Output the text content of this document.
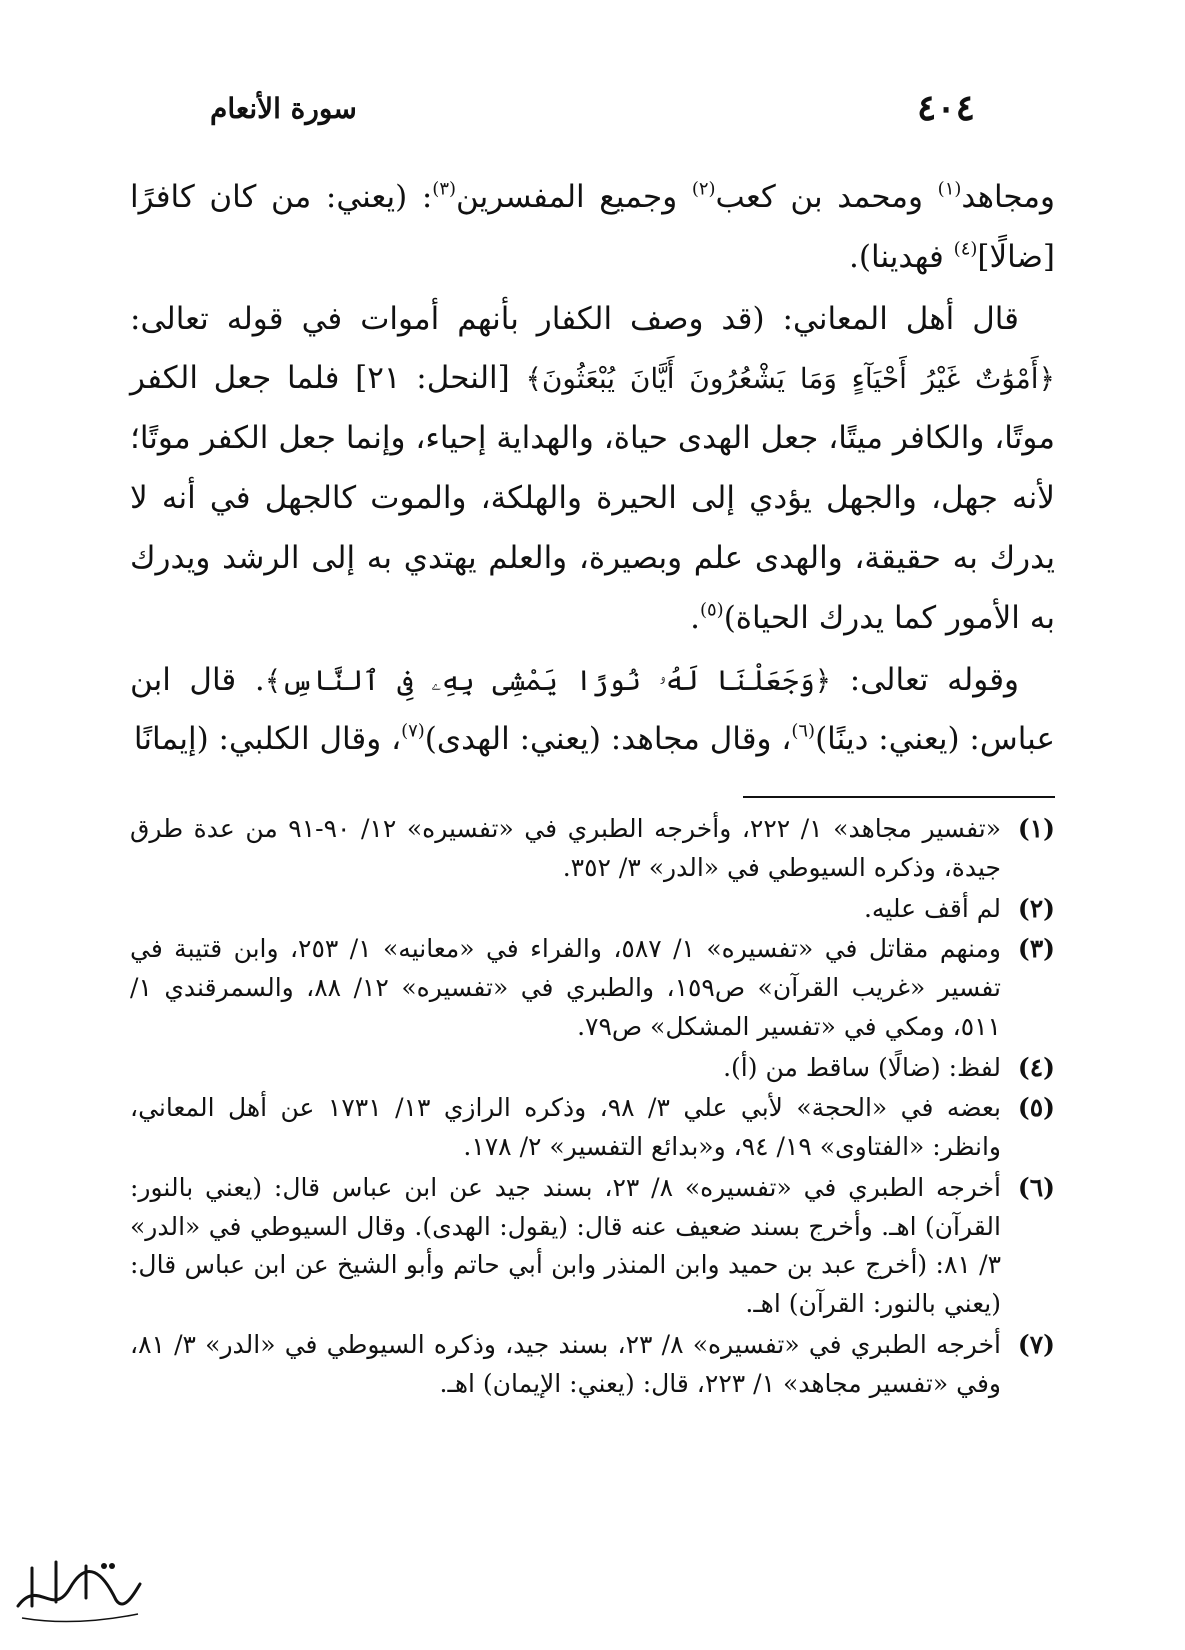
٤٠٤
سورة الأنعام

ومجاهد$^{(١)}$ ومحمد بن كعب$^{(٢)}$ وجميع المفسرين$^{(٣)}$: (يعني: من كان كافرًا [ضالًا]$^{(٤)}$ فهدينا).

قال أهل المعاني: (قد وصف الكفار بأنهم أموات في قوله تعالى: ﴿أَمْوَٰتٌ غَيْرُ أَحْيَآءٍ وَمَا يَشْعُرُونَ أَيَّانَ يُبْعَثُونَ﴾ [النحل: ٢١] فلما جعل الكفر موتًا، والكافر ميتًا، جعل الهدى حياة، والهداية إحياء، وإنما جعل الكفر موتًا؛ لأنه جهل، والجهل يؤدي إلى الحيرة والهلكة، والموت كالجهل في أنه لا يدرك به حقيقة، والهدى علم وبصيرة، والعلم يهتدي به إلى الرشد ويدرك به الأمور كما يدرك الحياة)$^{(٥)}$.

وقوله تعالى: ﴿وَجَعَلْنَا لَهُۥ نُورًا يَمْشِى بِهِۦ فِى ٱلنَّاسِ﴾. قال ابن عباس: (يعني: دينًا)$^{(٦)}$، وقال مجاهد: (يعني: الهدى)$^{(٧)}$، وقال الكلبي: (إيمانًا

(١)
«تفسير مجاهد» ١/ ٢٢٢، وأخرجه الطبري في «تفسيره» ١٢/ ٩٠-٩١ من عدة طرق جيدة، وذكره السيوطي في «الدر» ٣/ ٣٥٢.
(٢)
لم أقف عليه.
(٣)
ومنهم مقاتل في «تفسيره» ١/ ٥٨٧، والفراء في «معانيه» ١/ ٢٥٣، وابن قتيبة في تفسير «غريب القرآن» ص١٥٩، والطبري في «تفسيره» ١٢/ ٨٨، والسمرقندي ١/ ٥١١، ومكي في «تفسير المشكل» ص٧٩.
(٤)
لفظ: (ضالًا) ساقط من (أ).
(٥)
بعضه في «الحجة» لأبي علي ٣/ ٩٨، وذكره الرازي ١٣/ ١٧٣١ عن أهل المعاني، وانظر: «الفتاوى» ١٩/ ٩٤، و«بدائع التفسير» ٢/ ١٧٨.
(٦)
أخرجه الطبري في «تفسيره» ٨/ ٢٣، بسند جيد عن ابن عباس قال: (يعني بالنور: القرآن) اهـ. وأخرج بسند ضعيف عنه قال: (يقول: الهدى). وقال السيوطي في «الدر» ٣/ ٨١: (أخرج عبد بن حميد وابن المنذر وابن أبي حاتم وأبو الشيخ عن ابن عباس قال: (يعني بالنور: القرآن) اهـ.
(٧)
أخرجه الطبري في «تفسيره» ٨/ ٢٣، بسند جيد، وذكره السيوطي في «الدر» ٣/ ٨١، وفي «تفسير مجاهد» ١/ ٢٢٣، قال: (يعني: الإيمان) اهـ.
